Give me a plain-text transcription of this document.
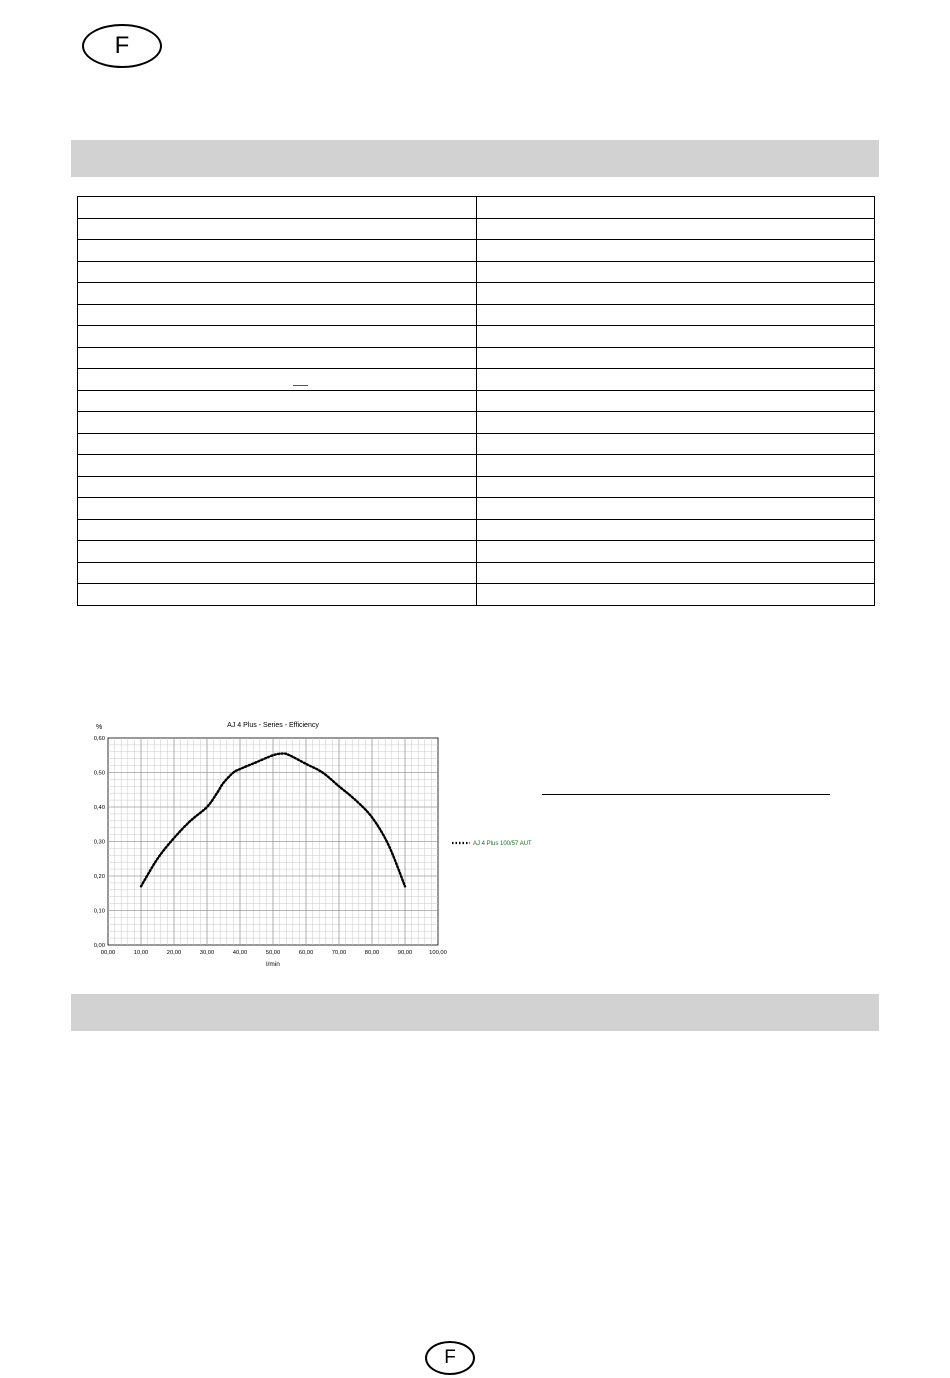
F

00,00	10,00	20,00	30,00	40,00	50,00	60,00	70,00	80,00	90,00	100,00
0,00
0,10
0,20
0,30
0,40
0,50
0,60
AJ 4 Plus - Series - Efficiency
%
l/min
AJ 4 Plus 100/57 AUT
F
